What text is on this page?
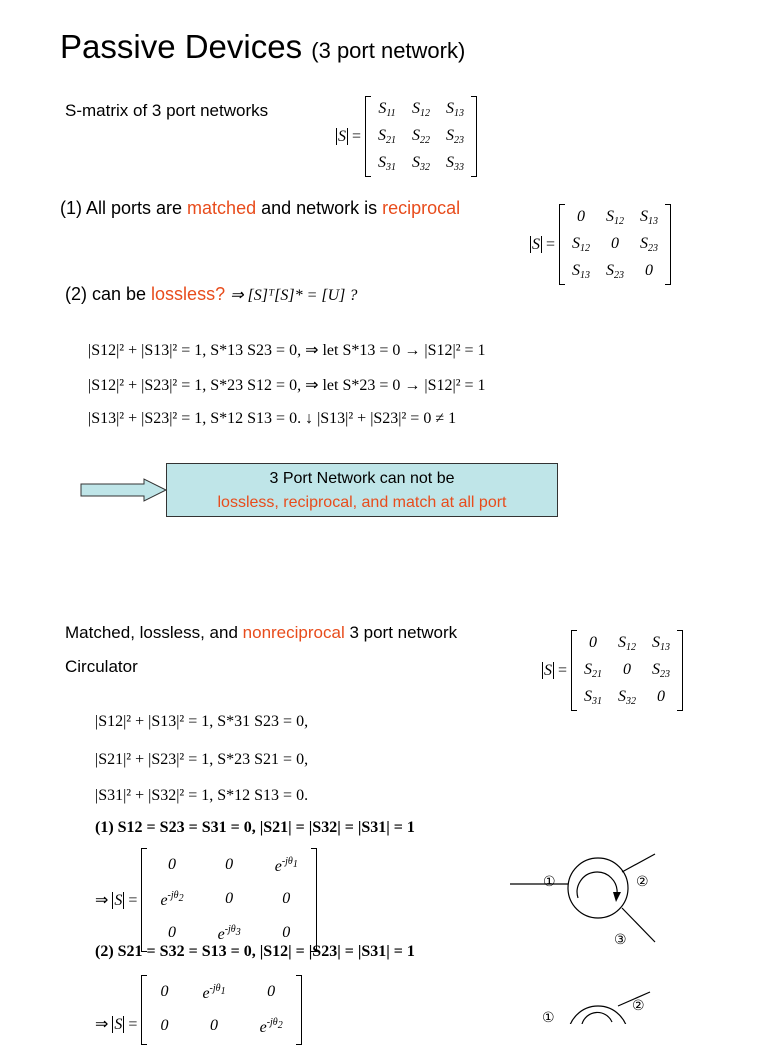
Passive Devices (3 port network)
S-matrix of 3 port networks
S =
$S_{11}$	$S_{12}$	$S_{13}$
$S_{21}$	$S_{22}$	$S_{23}$
$S_{31}$	$S_{32}$	$S_{33}$
(1) All ports are matched and network is reciprocal
S =
0	$S_{12}$	$S_{13}$
$S_{12}$	0	$S_{23}$
$S_{13}$	$S_{23}$	0
(2) can be lossless? ⇒ [S]ᵀ[S]* = [U] ?
|S12|² + |S13|² = 1, S*13 S23 = 0, ⇒ let S*13 = 0 → |S12|² = 1
|S12|² + |S23|² = 1, S*23 S12 = 0, ⇒ let S*23 = 0 → |S12|² = 1
|S13|² + |S23|² = 1, S*12 S13 = 0. ↓ |S13|² + |S23|² = 0 ≠ 1
3 Port Network can not be
lossless, reciprocal, and match at all port
Matched, lossless, and nonreciprocal 3 port network
Circulator	S =
0	$S_{12}$	$S_{13}$
$S_{21}$	0	$S_{23}$
$S_{31}$	$S_{32}$	0
|S12|² + |S13|² = 1, S*31 S23 = 0,
|S21|² + |S23|² = 1, S*23 S21 = 0,
|S31|² + |S32|² = 1, S*12 S13 = 0.
(1) S12 = S23 = S31 = 0, |S21| = |S32| = |S31| = 1
⇒ S =
0	0	$e^{-j\theta_1}$
$e^{-j\theta_2}$	0	0
0	$e^{-j\theta_3}$	0
(2) S21 = S32 = S13 = 0, |S12| = |S23| = |S31| = 1
⇒ S =
0	$e^{-j\theta_1}$	0
0	0	$e^{-j\theta_2}$
①	②
③
①
②
